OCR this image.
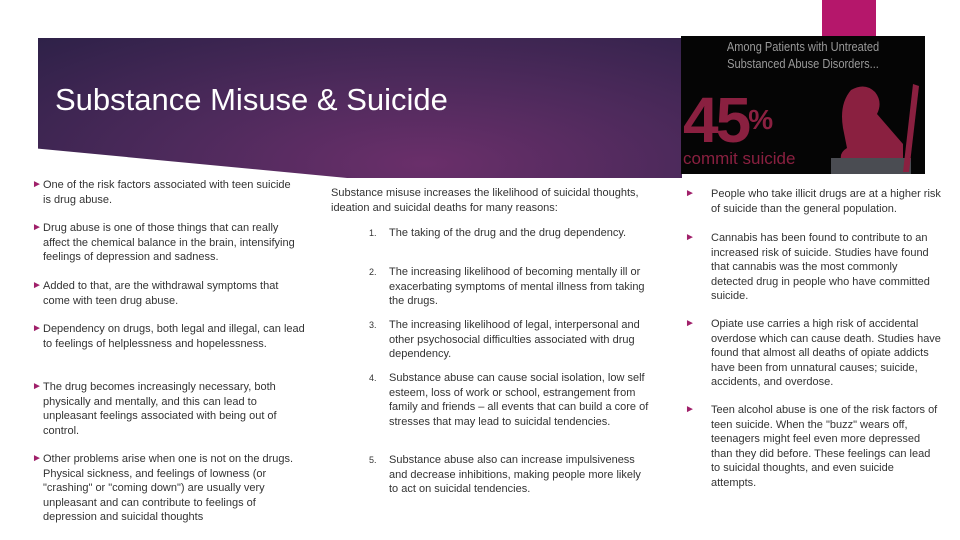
Substance Misuse & Suicide
Among Patients with Untreated Substanced Abuse Disorders...
45%
commit suicide
► One of the risk factors associated with teen suicide is drug abuse.
► Drug abuse is one of those things that can really affect the chemical balance in the brain, intensifying feelings of depression and sadness.
► Added to that, are the withdrawal symptoms that come with teen drug abuse.
► Dependency on drugs, both legal and illegal, can lead to feelings of helplessness and hopelessness.
► The drug becomes increasingly necessary, both physically and mentally, and this can lead to unpleasant feelings associated with being out of control.
► Other problems arise when one is not on the drugs. Physical sickness, and feelings of lowness (or "crashing" or "coming down") are usually very unpleasant and can contribute to feelings of depression and suicidal thoughts
Substance misuse increases the likelihood of suicidal thoughts, ideation and suicidal deaths for many reasons:
1. The taking of the drug and the drug dependency.
2. The increasing likelihood of becoming mentally ill or exacerbating symptoms of mental illness from taking the drugs.
3. The increasing likelihood of legal, interpersonal and other psychosocial difficulties associated with drug dependency.
4. Substance abuse can cause social isolation, low self esteem, loss of work or school, estrangement from family and friends – all events that can build a core of stresses that may lead to suicidal tendencies.
5. Substance abuse also can increase impulsiveness and decrease inhibitions, making people more likely to act on suicidal tendencies.
► People who take illicit drugs are at a higher risk of suicide than the general population.
► Cannabis has been found to contribute to an increased risk of suicide. Studies have found that cannabis was the most commonly detected drug in people who have committed suicide.
► Opiate use carries a high risk of accidental overdose which can cause death. Studies have found that almost all deaths of opiate addicts have been from unnatural causes; suicide, accidents, and overdose.
► Teen alcohol abuse is one of the risk factors of teen suicide. When the "buzz" wears off, teenagers might feel even more depressed than they did before. These feelings can lead to suicidal thoughts, and even suicide attempts.
